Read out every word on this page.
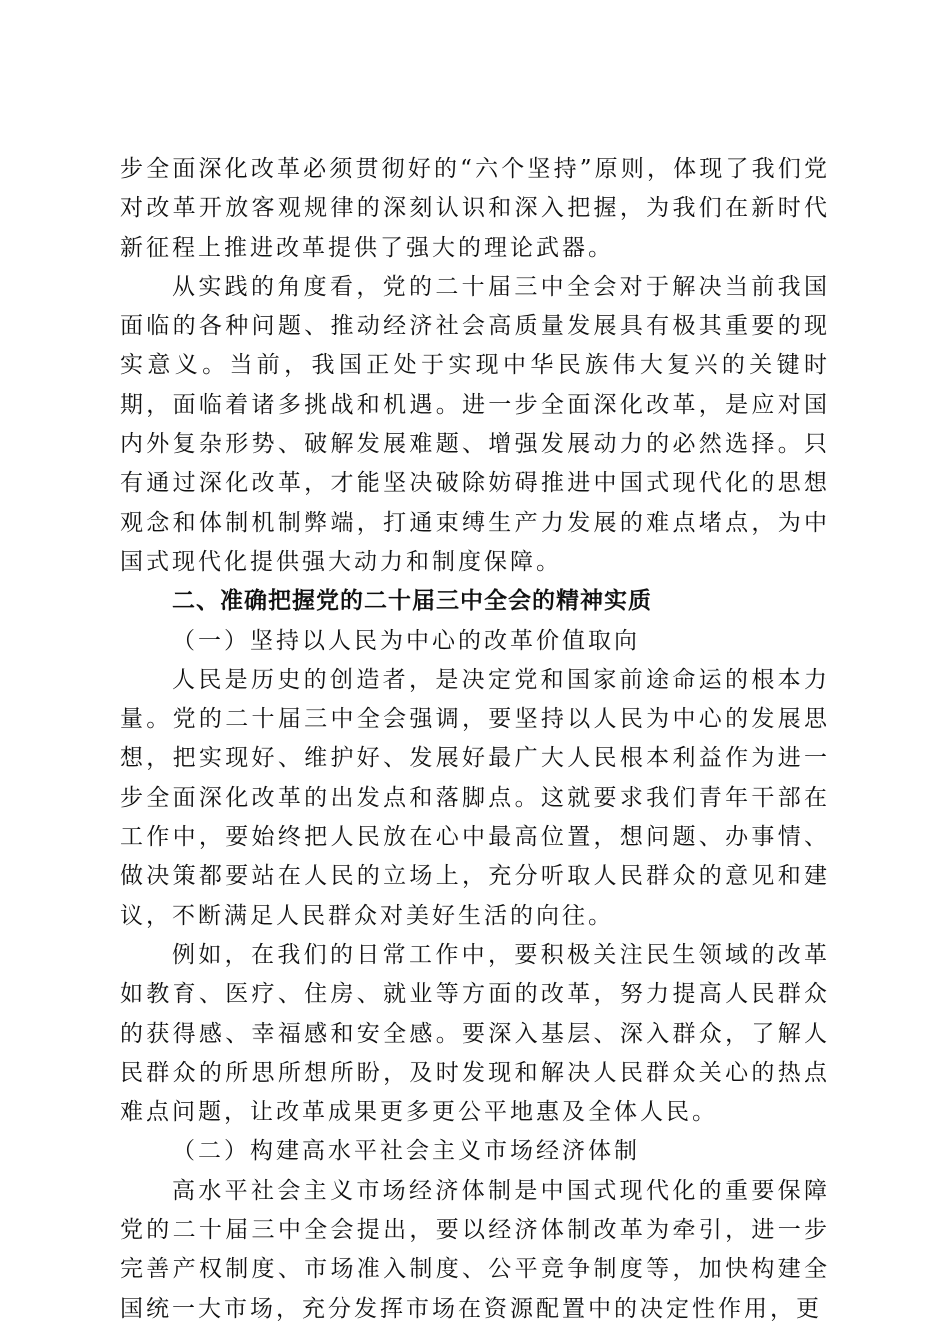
步全面深化改革必须贯彻好的“六个坚持”原则，体现了我们党对改革开放客观规律的深刻认识和深入把握，为我们在新时代新征程上推进改革提供了强大的理论武器。

从实践的角度看，党的二十届三中全会对于解决当前我国面临的各种问题、推动经济社会高质量发展具有极其重要的现实意义。当前，我国正处于实现中华民族伟大复兴的关键时期，面临着诸多挑战和机遇。进一步全面深化改革，是应对国内外复杂形势、破解发展难题、增强发展动力的必然选择。只有通过深化改革，才能坚决破除妨碍推进中国式现代化的思想观念和体制机制弊端，打通束缚生产力发展的难点堵点，为中国式现代化提供强大动力和制度保障。

二、准确把握党的二十届三中全会的精神实质
（一）坚持以人民为中心的改革价值取向

人民是历史的创造者，是决定党和国家前途命运的根本力量。党的二十届三中全会强调，要坚持以人民为中心的发展思想，把实现好、维护好、发展好最广大人民根本利益作为进一步全面深化改革的出发点和落脚点。这就要求我们青年干部在工作中，要始终把人民放在心中最高位置，想问题、办事情、做决策都要站在人民的立场上，充分听取人民群众的意见和建议，不断满足人民群众对美好生活的向往。

例如，在我们的日常工作中，要积极关注民生领域的改革如教育、医疗、住房、就业等方面的改革，努力提高人民群众的获得感、幸福感和安全感。要深入基层、深入群众，了解人民群众的所思所想所盼，及时发现和解决人民群众关心的热点难点问题，让改革成果更多更公平地惠及全体人民。

（二）构建高水平社会主义市场经济体制

高水平社会主义市场经济体制是中国式现代化的重要保障党的二十届三中全会提出，要以经济体制改革为牵引，进一步完善产权制度、市场准入制度、公平竞争制度等，加快构建全国统一大市场，充分发挥市场在资源配置中的决定性作用，更
